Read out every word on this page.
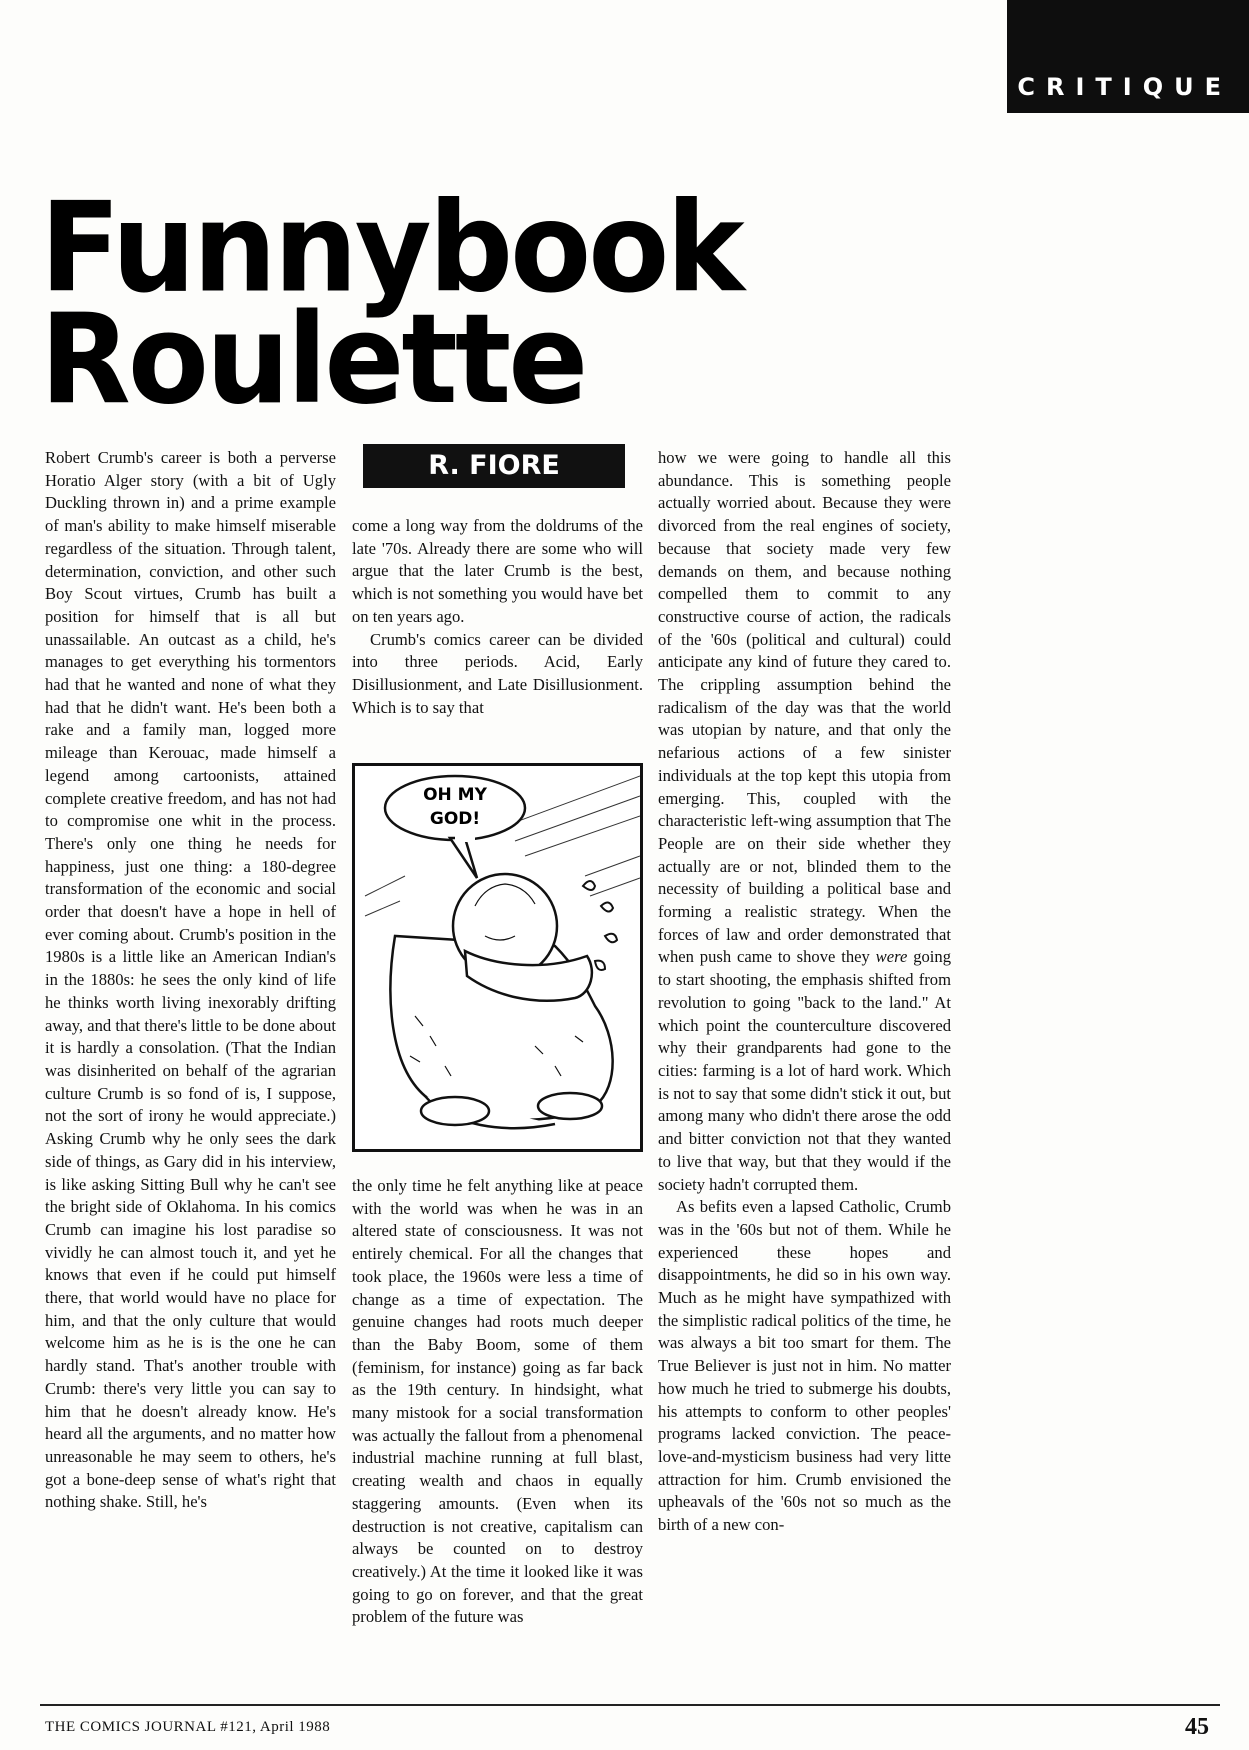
CRITIQUE
Funnybook
Roulette

Robert Crumb's career is both a perverse Horatio Alger story (with a bit of Ugly Duckling thrown in) and a prime example of man's ability to make himself miserable regardless of the situation. Through talent, determination, conviction, and other such Boy Scout virtues, Crumb has built a position for himself that is all but unassailable. An outcast as a child, he's manages to get everything his tormentors had that he wanted and none of what they had that he didn't want. He's been both a rake and a family man, logged more mileage than Kerouac, made himself a legend among cartoonists, attained complete creative freedom, and has not had to compromise one whit in the process. There's only one thing he needs for happiness, just one thing: a 180-degree transformation of the economic and social order that doesn't have a hope in hell of ever coming about. Crumb's position in the 1980s is a little like an American Indian's in the 1880s: he sees the only kind of life he thinks worth living inexorably drifting away, and that there's little to be done about it is hardly a consolation. (That the Indian was disinherited on behalf of the agrarian culture Crumb is so fond of is, I suppose, not the sort of irony he would appreciate.) Asking Crumb why he only sees the dark side of things, as Gary did in his interview, is like asking Sitting Bull why he can't see the bright side of Oklahoma. In his comics Crumb can imagine his lost paradise so vividly he can almost touch it, and yet he knows that even if he could put himself there, that world would have no place for him, and that the only culture that would welcome him as he is is the one he can hardly stand. That's another trouble with Crumb: there's very little you can say to him that he doesn't already know. He's heard all the arguments, and no matter how unreasonable he may seem to others, he's got a bone-deep sense of what's right that nothing shake. Still, he's

R. FIORE

come a long way from the doldrums of the late '70s. Already there are some who will argue that the later Crumb is the best, which is not something you would have bet on ten years ago.

Crumb's comics career can be divided into three periods. Acid, Early Disillusionment, and Late Disillusionment. Which is to say that

OH MY
GOD!

the only time he felt anything like at peace with the world was when he was in an altered state of consciousness. It was not entirely chemical. For all the changes that took place, the 1960s were less a time of change as a time of expectation. The genuine changes had roots much deeper than the Baby Boom, some of them (feminism, for instance) going as far back as the 19th century. In hindsight, what many mistook for a social transformation was actually the fallout from a phenomenal industrial machine running at full blast, creating wealth and chaos in equally staggering amounts. (Even when its destruction is not creative, capitalism can always be counted on to destroy creatively.) At the time it looked like it was going to go on forever, and that the great problem of the future was

how we were going to handle all this abundance. This is something people actually worried about. Because they were divorced from the real engines of society, because that society made very few demands on them, and because nothing compelled them to commit to any constructive course of action, the radicals of the '60s (political and cultural) could anticipate any kind of future they cared to. The crippling assumption behind the radicalism of the day was that the world was utopian by nature, and that only the nefarious actions of a few sinister individuals at the top kept this utopia from emerging. This, coupled with the characteristic left-wing assumption that The People are on their side whether they actually are or not, blinded them to the necessity of building a political base and forming a realistic strategy. When the forces of law and order demonstrated that when push came to shove they were going to start shooting, the emphasis shifted from revolution to going "back to the land." At which point the counterculture discovered why their grandparents had gone to the cities: farming is a lot of hard work. Which is not to say that some didn't stick it out, but among many who didn't there arose the odd and bitter conviction not that they wanted to live that way, but that they would if the society hadn't corrupted them.

As befits even a lapsed Catholic, Crumb was in the '60s but not of them. While he experienced these hopes and disappointments, he did so in his own way. Much as he might have sympathized with the simplistic radical politics of the time, he was always a bit too smart for them. The True Believer is just not in him. No matter how much he tried to submerge his doubts, his attempts to conform to other peoples' programs lacked conviction. The peace-love-and-mysticism business had very litte attraction for him. Crumb envisioned the upheavals of the '60s not so much as the birth of a new con-

THE COMICS JOURNAL #121, April 1988	45
